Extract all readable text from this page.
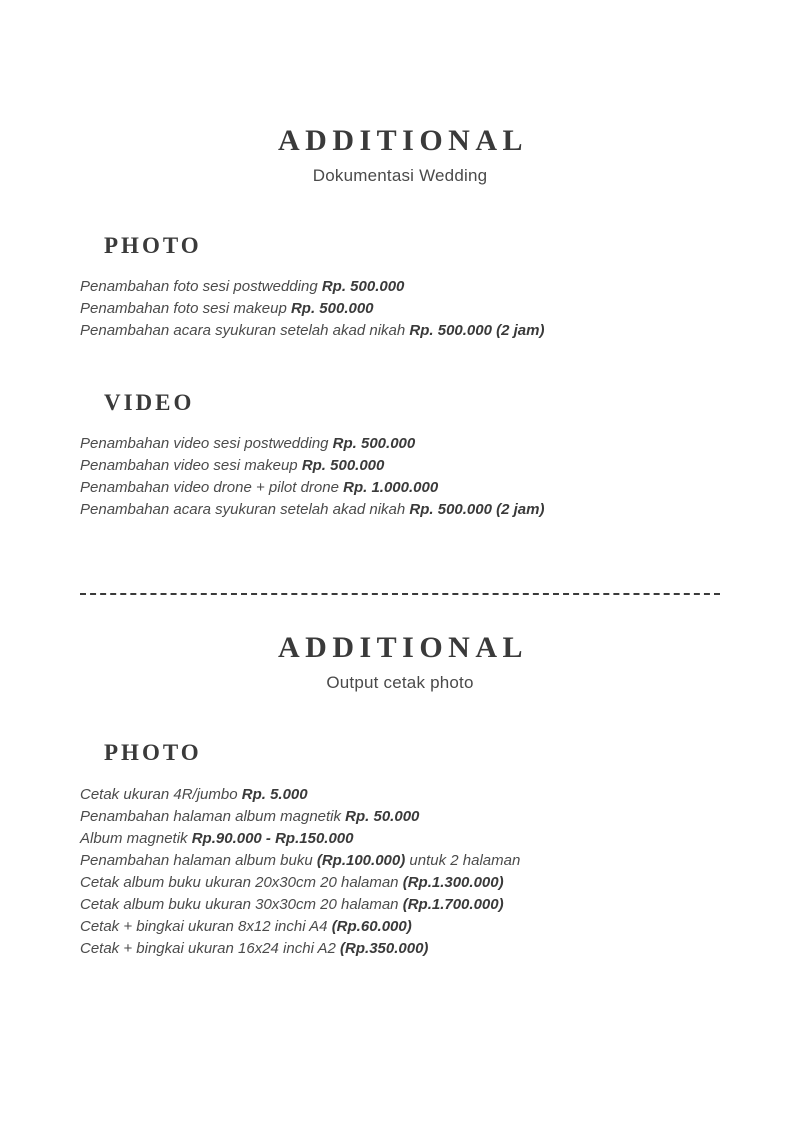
ADDITIONAL

Dokumentasi Wedding

PHOTO
Penambahan foto sesi postwedding Rp. 500.000
Penambahan foto sesi makeup Rp. 500.000
Penambahan acara syukuran setelah akad nikah Rp. 500.000 (2 jam)
VIDEO
Penambahan video sesi postwedding Rp. 500.000
Penambahan video sesi makeup Rp. 500.000
Penambahan video drone + pilot drone Rp. 1.000.000
Penambahan acara syukuran setelah akad nikah Rp. 500.000 (2 jam)
ADDITIONAL

Output cetak photo

PHOTO
Cetak ukuran 4R/jumbo Rp. 5.000
Penambahan halaman album magnetik Rp. 50.000
Album magnetik Rp.90.000 - Rp.150.000
Penambahan halaman album buku (Rp.100.000) untuk 2 halaman
Cetak album buku ukuran 20x30cm 20 halaman (Rp.1.300.000)
Cetak album buku ukuran 30x30cm 20 halaman (Rp.1.700.000)
Cetak + bingkai ukuran 8x12 inchi A4 (Rp.60.000)
Cetak + bingkai ukuran 16x24 inchi A2 (Rp.350.000)
